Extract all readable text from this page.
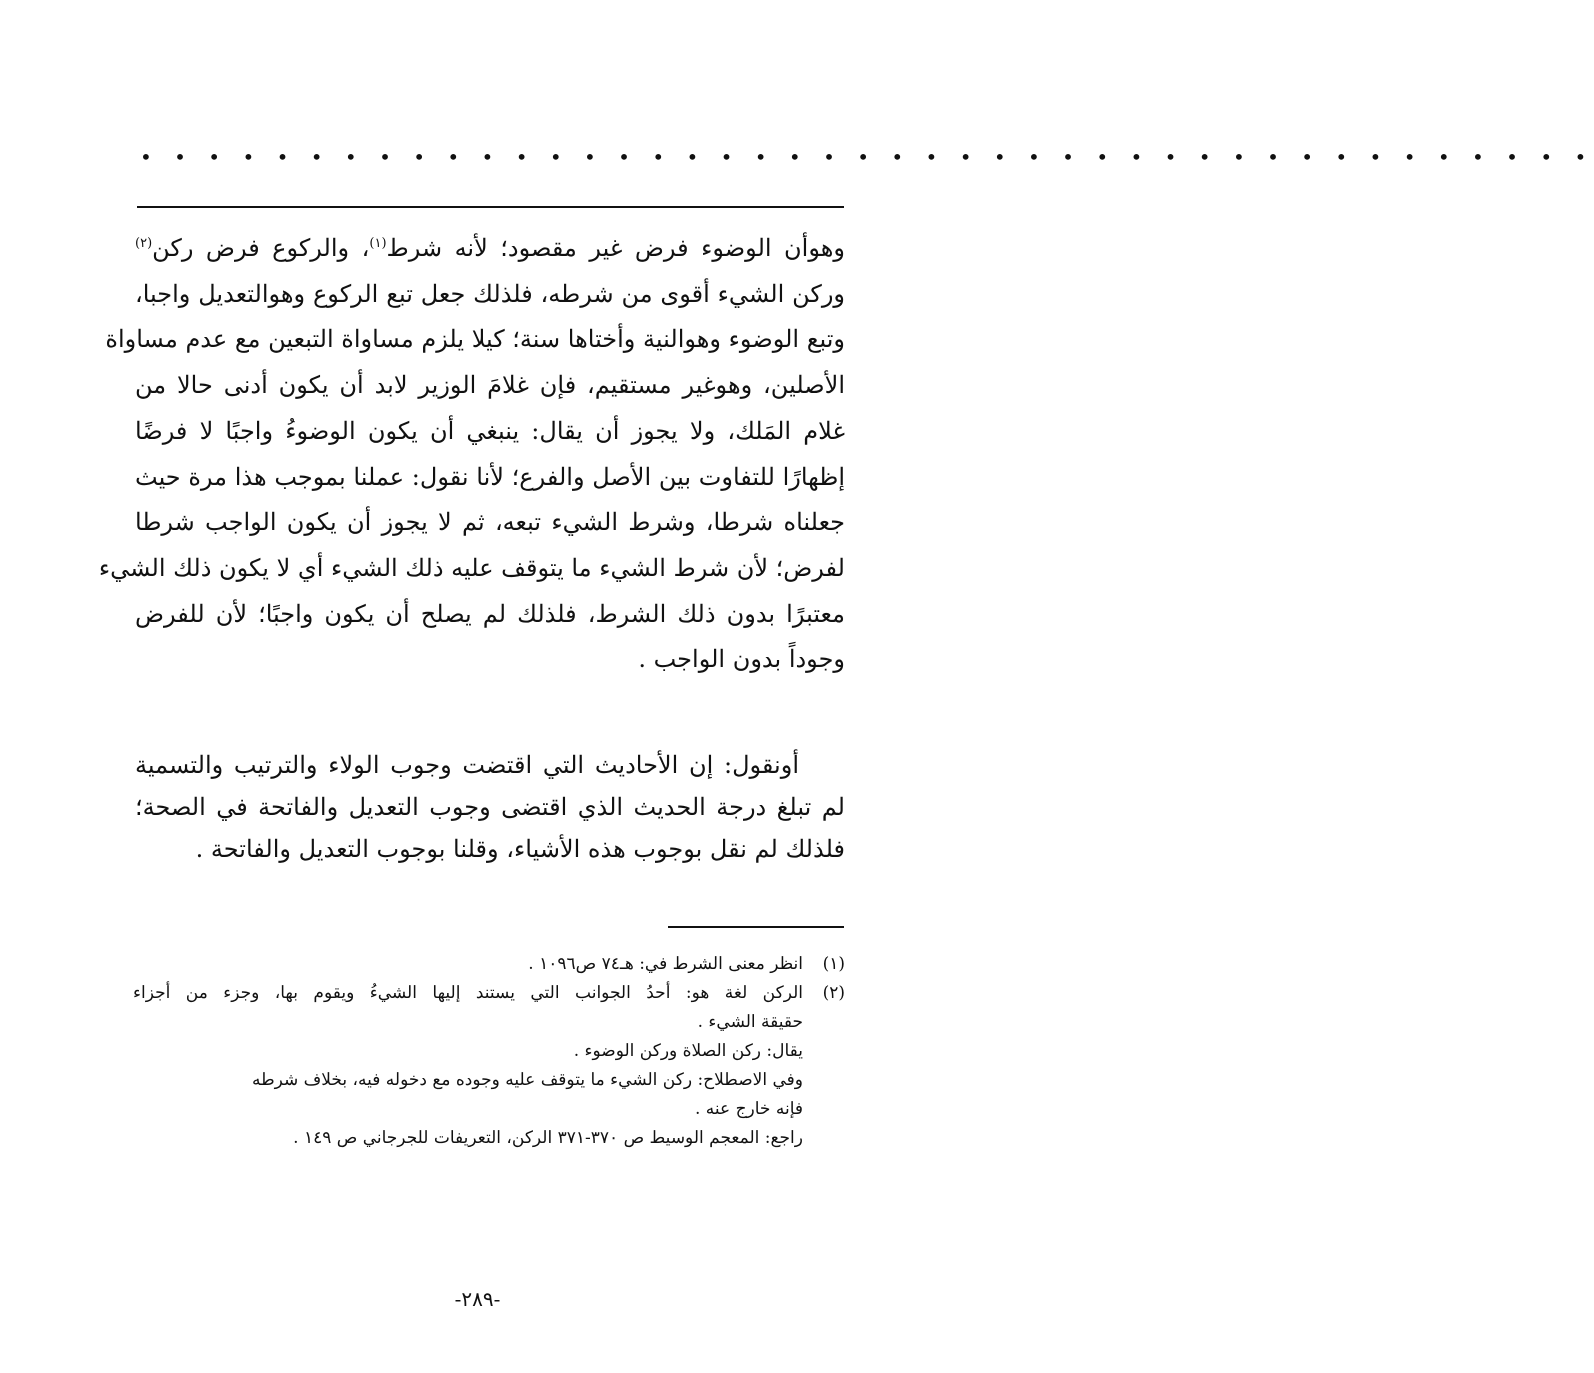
• • • • • • • • • • • • • • • • • • • • • • • • • • • • • • • • • • • • • • • • • • •
وهوأن الوضوء فرض غير مقصود؛ لأنه شرط$^{(١)}$، والركوع فرض ركن$^{(٢)}$
وركن الشيء أقوى من شرطه، فلذلك جعل تبع الركوع وهوالتعديل واجبا،
وتبع الوضوء وهوالنية وأختاها سنة؛ كيلا يلزم مساواة التبعين مع عدم مساواة
الأصلين، وهوغير مستقيم، فإن غلامَ الوزير لابد أن يكون أدنى حالا من
غلام المَلك، ولا يجوز أن يقال: ينبغي أن يكون الوضوءُ واجبًا لا فرضًا
إظهارًا للتفاوت بين الأصل والفرع؛ لأنا نقول: عملنا بموجب هذا مرة حيث
جعلناه شرطا، وشرط الشيء تبعه، ثم لا يجوز أن يكون الواجب شرطا
لفرض؛ لأن شرط الشيء ما يتوقف عليه ذلك الشيء أي لا يكون ذلك الشيء
معتبرًا بدون ذلك الشرط، فلذلك لم يصلح أن يكون واجبًا؛ لأن للفرض
وجوداً بدون الواجب .
أونقول: إن الأحاديث التي اقتضت وجوب الولاء والترتيب والتسمية
لم تبلغ درجة الحديث الذي اقتضى وجوب التعديل والفاتحة في الصحة؛
فلذلك لم نقل بوجوب هذه الأشياء، وقلنا بوجوب التعديل والفاتحة .
(١)انظر معنى الشرط في: هـ٧٤ ص١٠٩٦ .
(٢)الركن لغة هو: أحدُ الجوانب التي يستند إليها الشيءُ ويقوم بها، وجزء من أجزاء
حقيقة الشيء .
يقال: ركن الصلاة وركن الوضوء .
وفي الاصطلاح: ركن الشيء ما يتوقف عليه وجوده مع دخوله فيه، بخلاف شرطه
فإنه خارج عنه .
راجع: المعجم الوسيط ص ٣٧٠-٣٧١ الركن، التعريفات للجرجاني ص ١٤٩ .
-٢٨٩-
